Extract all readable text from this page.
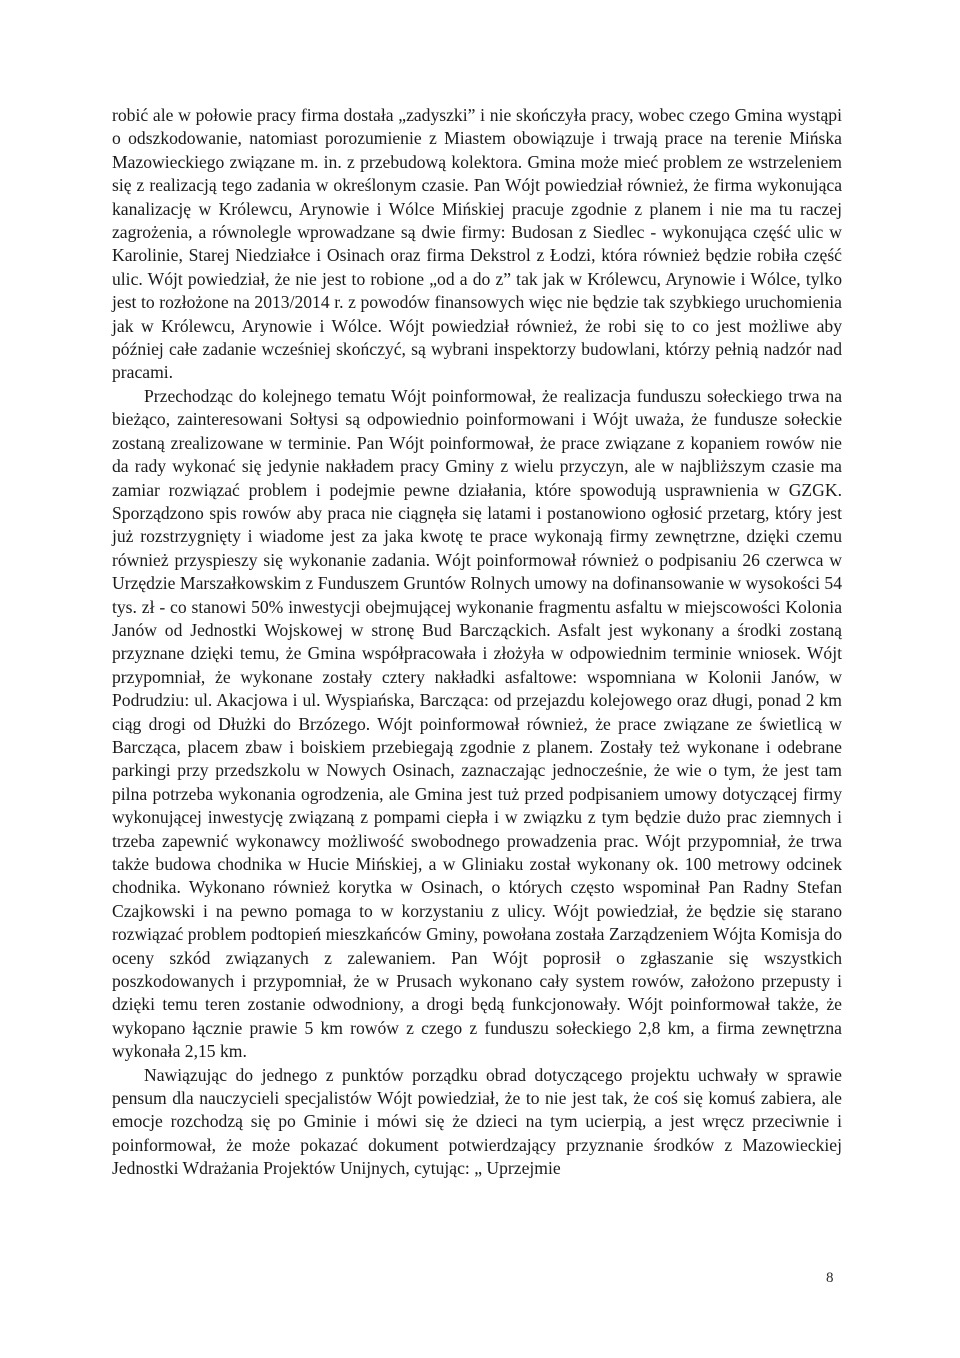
robić ale w połowie pracy firma dostała „zadyszki” i nie skończyła pracy, wobec czego Gmina wystąpi o odszkodowanie, natomiast porozumienie z Miastem obowiązuje i trwają prace na terenie Mińska Mazowieckiego związane m. in. z przebudową kolektora. Gmina może mieć problem ze wstrzeleniem się z realizacją tego zadania w określonym czasie. Pan Wójt powiedział również, że firma wykonująca kanalizację w Królewcu, Arynowie i Wólce Mińskiej pracuje zgodnie z planem i nie ma tu raczej zagrożenia, a równolegle wprowadzane są dwie firmy: Budosan z Siedlec - wykonująca część ulic w Karolinie, Starej Niedziałce i Osinach oraz firma Dekstrol z Łodzi, która również będzie robiła część ulic. Wójt powiedział, że nie jest to robione „od a do z” tak jak w Królewcu, Arynowie i Wólce, tylko jest to rozłożone na 2013/2014 r. z powodów finansowych więc nie będzie tak szybkiego uruchomienia jak w Królewcu, Arynowie i Wólce. Wójt powiedział również, że robi się to co jest możliwe aby później całe zadanie wcześniej skończyć, są wybrani inspektorzy budowlani, którzy pełnią nadzór nad pracami.

Przechodząc do kolejnego tematu Wójt poinformował, że realizacja funduszu sołeckiego trwa na bieżąco, zainteresowani Sołtysi są odpowiednio poinformowani i Wójt uważa, że fundusze sołeckie zostaną zrealizowane w terminie. Pan Wójt poinformował, że prace związane z kopaniem rowów nie da rady wykonać się jedynie nakładem pracy Gminy z wielu przyczyn, ale w najbliższym czasie ma zamiar rozwiązać problem i podejmie pewne działania, które spowodują usprawnienia w GZGK. Sporządzono spis rowów aby praca nie ciągnęła się latami i postanowiono ogłosić przetarg, który jest już rozstrzygnięty i wiadome jest za jaka kwotę te prace wykonają firmy zewnętrzne, dzięki czemu również przyspieszy się wykonanie zadania. Wójt poinformował również o podpisaniu 26 czerwca w Urzędzie Marszałkowskim z Funduszem Gruntów Rolnych umowy na dofinansowanie w wysokości 54 tys. zł - co stanowi 50% inwestycji obejmującej wykonanie fragmentu asfaltu w miejscowości Kolonia Janów od Jednostki Wojskowej w stronę Bud Barcząckich. Asfalt jest wykonany a środki zostaną przyznane dzięki temu, że Gmina współpracowała i złożyła w odpowiednim terminie wniosek. Wójt przypomniał, że wykonane zostały cztery nakładki asfaltowe: wspomniana w Kolonii Janów, w Podrudziu: ul. Akacjowa i ul. Wyspiańska, Barcząca: od przejazdu kolejowego oraz długi, ponad 2 km ciąg drogi od Dłużki do Brzózego. Wójt poinformował również, że prace związane ze świetlicą w Barcząca, placem zbaw i boiskiem przebiegają zgodnie z planem. Zostały też wykonane i odebrane parkingi przy przedszkolu w Nowych Osinach, zaznaczając jednocześnie, że wie o tym, że jest tam pilna potrzeba wykonania ogrodzenia, ale Gmina jest tuż przed podpisaniem umowy dotyczącej firmy wykonującej inwestycję związaną z pompami ciepła i w związku z tym będzie dużo prac ziemnych i trzeba zapewnić wykonawcy możliwość swobodnego prowadzenia prac. Wójt przypomniał, że trwa także budowa chodnika w Hucie Mińskiej, a w Gliniaku został wykonany ok. 100 metrowy odcinek chodnika. Wykonano również korytka w Osinach, o których często wspominał Pan Radny Stefan Czajkowski i na pewno pomaga to w korzystaniu z ulicy. Wójt powiedział, że będzie się starano rozwiązać problem podtopień mieszkańców Gminy, powołana została Zarządzeniem Wójta Komisja do oceny szkód związanych z zalewaniem. Pan Wójt poprosił o zgłaszanie się wszystkich poszkodowanych i przypomniał, że w Prusach wykonano cały system rowów, założono przepusty i dzięki temu teren zostanie odwodniony, a drogi będą funkcjonowały. Wójt poinformował także, że wykopano łącznie prawie 5 km rowów z czego z funduszu sołeckiego 2,8 km, a firma zewnętrzna wykonała 2,15 km.

Nawiązując do jednego z punktów porządku obrad dotyczącego projektu uchwały w sprawie pensum dla nauczycieli specjalistów Wójt powiedział, że to nie jest tak, że coś się komuś zabiera, ale emocje rozchodzą się po Gminie i mówi się że dzieci na tym ucierpią, a jest wręcz przeciwnie i poinformował, że może pokazać dokument potwierdzający przyznanie środków z Mazowieckiej Jednostki Wdrażania Projektów Unijnych, cytując: „ Uprzejmie

8
